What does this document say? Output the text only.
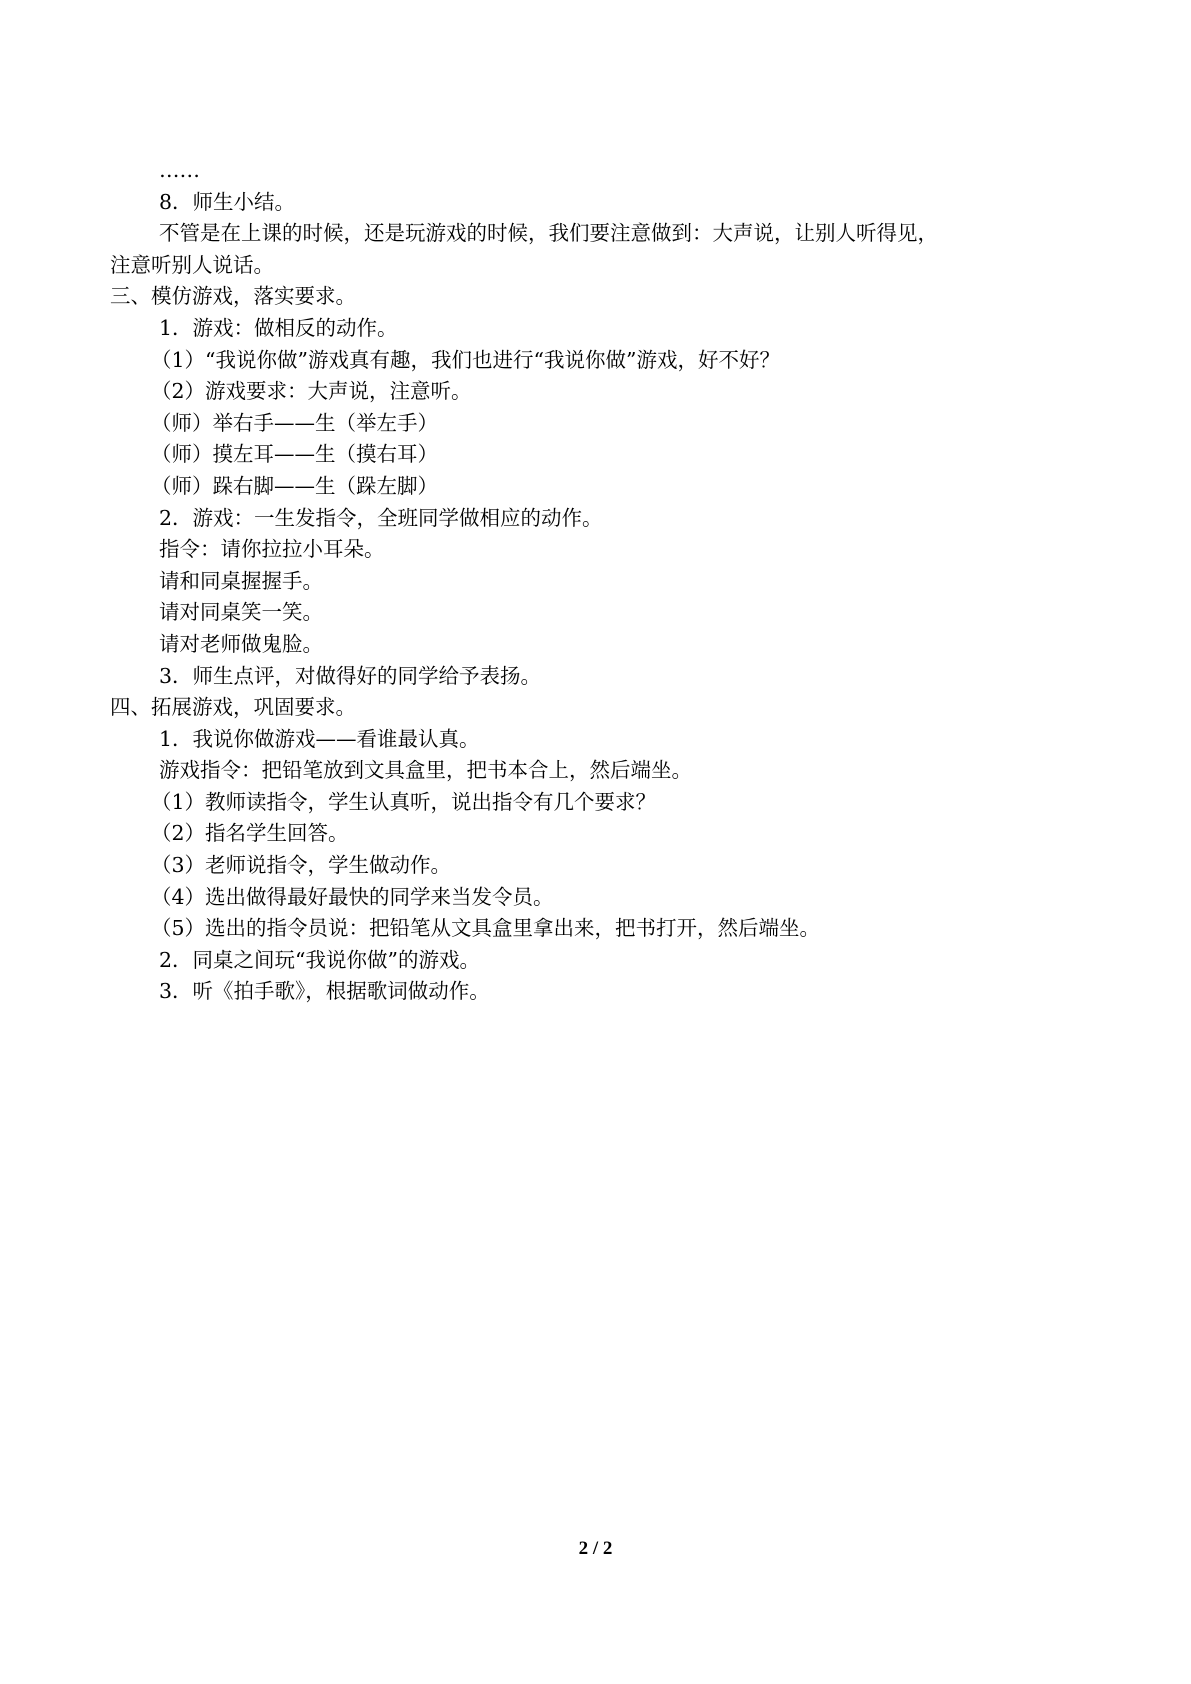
……
8．师生小结。
不管是在上课的时候，还是玩游戏的时候，我们要注意做到：大声说，让别人听得见，
注意听别人说话。
三、模仿游戏，落实要求。
1．游戏：做相反的动作。
（1）“我说你做”游戏真有趣，我们也进行“我说你做”游戏，好不好？
（2）游戏要求：大声说，注意听。
（师）举右手——生（举左手）
（师）摸左耳——生（摸右耳）
（师）跺右脚——生（跺左脚）
2．游戏：一生发指令，全班同学做相应的动作。
指令：请你拉拉小耳朵。
请和同桌握握手。
请对同桌笑一笑。
请对老师做鬼脸。
3．师生点评，对做得好的同学给予表扬。
四、拓展游戏，巩固要求。
1．我说你做游戏——看谁最认真。
游戏指令：把铅笔放到文具盒里，把书本合上，然后端坐。
（1）教师读指令，学生认真听，说出指令有几个要求？
（2）指名学生回答。
（3）老师说指令，学生做动作。
（4）选出做得最好最快的同学来当发令员。
（5）选出的指令员说：把铅笔从文具盒里拿出来，把书打开，然后端坐。
2．同桌之间玩“我说你做”的游戏。
3．听《拍手歌》，根据歌词做动作。
2 / 2
